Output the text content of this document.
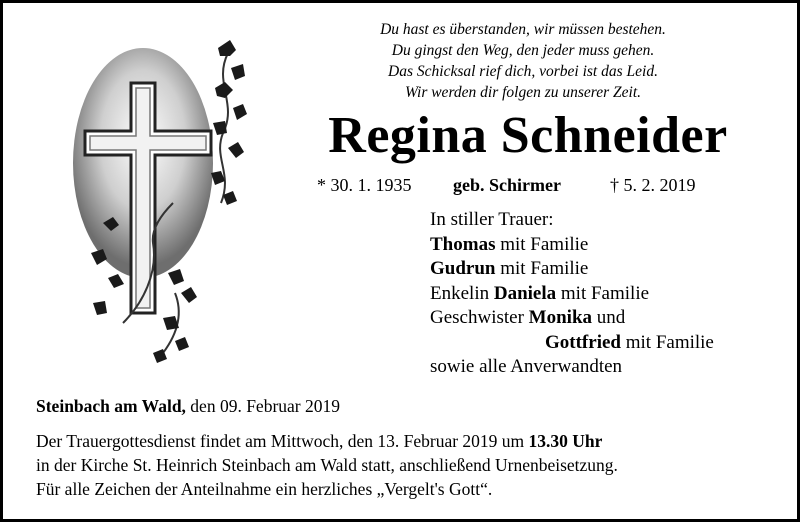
Du hast es überstanden, wir müssen bestehen.
Du gingst den Weg, den jeder muss gehen.
Das Schicksal rief dich, vorbei ist das Leid.
Wir werden dir folgen zu unserer Zeit.
Regina Schneider
* 30. 1. 1935 geb. Schirmer	† 5. 2. 2019
In stiller Trauer:
Thomas mit Familie
Gudrun mit Familie
Enkelin Daniela mit Familie
Geschwister Monika und
Gottfried mit Familie
sowie alle Anverwandten
Steinbach am Wald, den 09. Februar 2019
Der Trauergottesdienst findet am Mittwoch, den 13. Februar 2019 um 13.30 Uhr
in der Kirche St. Heinrich Steinbach am Wald statt, anschließend Urnenbeisetzung.
Für alle Zeichen der Anteilnahme ein herzliches „Vergelt's Gott“.
